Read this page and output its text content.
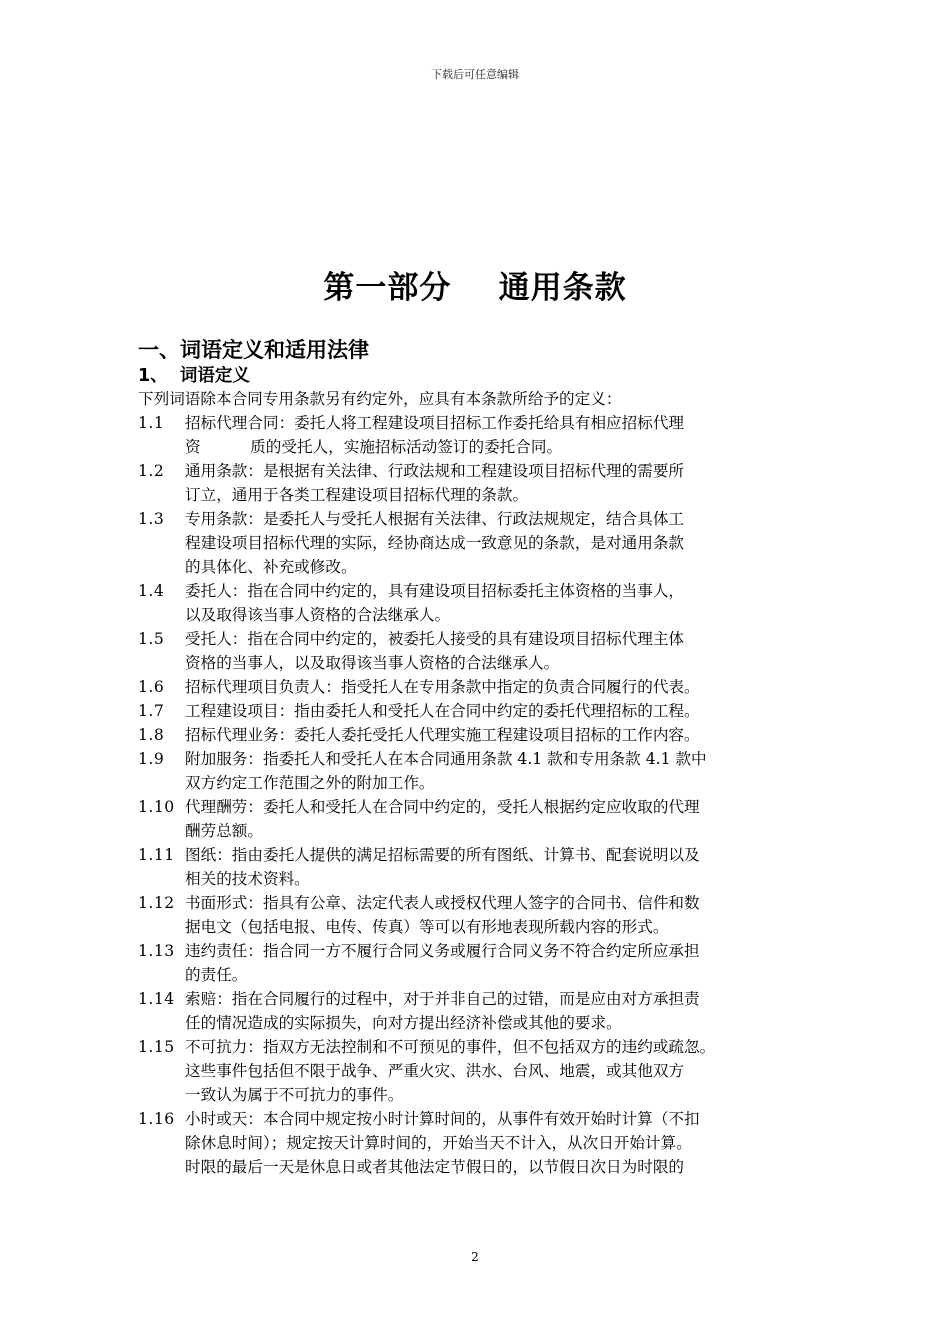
下载后可任意编辑
第一部分    通用条款
一、词语定义和适用法律
1、  词语定义
下列词语除本合同专用条款另有约定外，应具有本条款所给予的定义：
1.1 招标代理合同：委托人将工程建设项目招标工作委托给具有相应招标代理
资          质的受托人，实施招标活动签订的委托合同。
1.2 通用条款：是根据有关法律、行政法规和工程建设项目招标代理的需要所
订立，通用于各类工程建设项目招标代理的条款。
1.3 专用条款：是委托人与受托人根据有关法律、行政法规规定，结合具体工
程建设项目招标代理的实际，经协商达成一致意见的条款，是对通用条款
的具体化、补充或修改。
1.4 委托人：指在合同中约定的，具有建设项目招标委托主体资格的当事人，
以及取得该当事人资格的合法继承人。
1.5 受托人：指在合同中约定的，被委托人接受的具有建设项目招标代理主体
资格的当事人，以及取得该当事人资格的合法继承人。
1.6 招标代理项目负责人：指受托人在专用条款中指定的负责合同履行的代表。
1.7 工程建设项目：指由委托人和受托人在合同中约定的委托代理招标的工程。
1.8 招标代理业务：委托人委托受托人代理实施工程建设项目招标的工作内容。
1.9 附加服务：指委托人和受托人在本合同通用条款 4.1 款和专用条款 4.1 款中
双方约定工作范围之外的附加工作。
1.10 代理酬劳：委托人和受托人在合同中约定的，受托人根据约定应收取的代理
酬劳总额。
1.11 图纸：指由委托人提供的满足招标需要的所有图纸、计算书、配套说明以及
相关的技术资料。
1.12 书面形式：指具有公章、法定代表人或授权代理人签字的合同书、信件和数
据电文（包括电报、电传、传真）等可以有形地表现所载内容的形式。
1.13 违约责任：指合同一方不履行合同义务或履行合同义务不符合约定所应承担
的责任。
1.14 索赔：指在合同履行的过程中，对于并非自己的过错，而是应由对方承担责
任的情况造成的实际损失，向对方提出经济补偿或其他的要求。
1.15 不可抗力：指双方无法控制和不可预见的事件，但不包括双方的违约或疏忽。
这些事件包括但不限于战争、严重火灾、洪水、台风、地震，或其他双方
一致认为属于不可抗力的事件。
1.16 小时或天：本合同中规定按小时计算时间的，从事件有效开始时计算（不扣
除休息时间）；规定按天计算时间的，开始当天不计入，从次日开始计算。
时限的最后一天是休息日或者其他法定节假日的，以节假日次日为时限的
2
